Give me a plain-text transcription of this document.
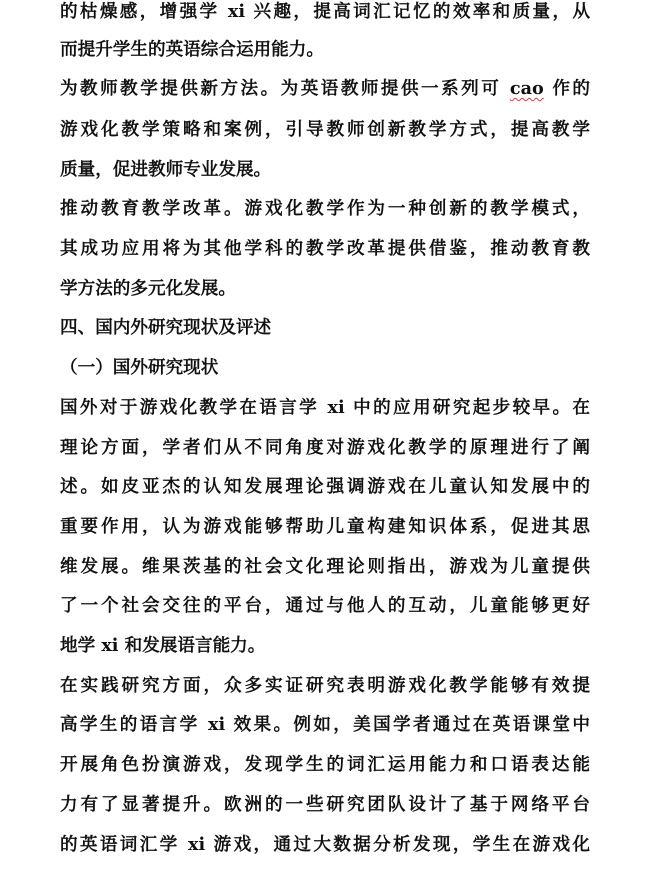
的枯燥感，增强学 xi 兴趣，提高词汇记忆的效率和质量，从
而提升学生的英语综合运用能力。
为教师教学提供新方法。为英语教师提供一系列可 cao 作的
游戏化教学策略和案例，引导教师创新教学方式，提高教学
质量，促进教师专业发展。
推动教育教学改革。游戏化教学作为一种创新的教学模式，
其成功应用将为其他学科的教学改革提供借鉴，推动教育教
学方法的多元化发展。
四、国内外研究现状及评述
（一）国外研究现状
国外对于游戏化教学在语言学 xi 中的应用研究起步较早。在
理论方面，学者们从不同角度对游戏化教学的原理进行了阐
述。如皮亚杰的认知发展理论强调游戏在儿童认知发展中的
重要作用，认为游戏能够帮助儿童构建知识体系，促进其思
维发展。维果茨基的社会文化理论则指出，游戏为儿童提供
了一个社会交往的平台，通过与他人的互动，儿童能够更好
地学 xi 和发展语言能力。
在实践研究方面，众多实证研究表明游戏化教学能够有效提
高学生的语言学 xi 效果。例如，美国学者通过在英语课堂中
开展角色扮演游戏，发现学生的词汇运用能力和口语表达能
力有了显著提升。欧洲的一些研究团队设计了基于网络平台
的英语词汇学 xi 游戏，通过大数据分析发现，学生在游戏化
